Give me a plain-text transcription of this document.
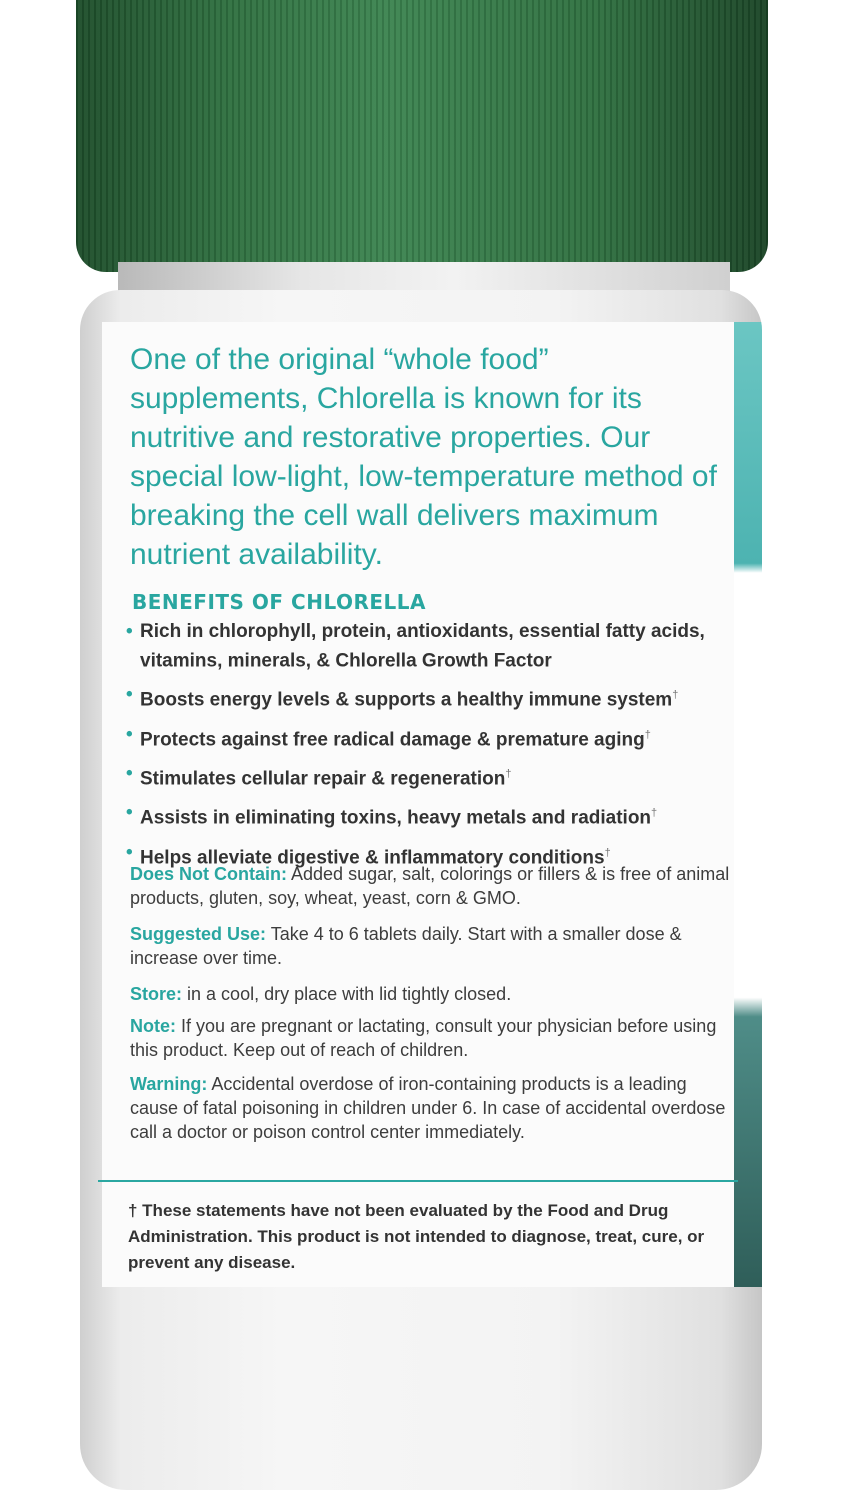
One of the original “whole food” supplements, Chlorella is known for its nutritive and restorative properties. Our special low-light, low-temperature method of breaking the cell wall delivers maximum nutrient availability.
BENEFITS OF CHLORELLA
• Rich in chlorophyll, protein, antioxidants, essential fatty acids, vitamins, minerals, & Chlorella Growth Factor
• Boosts energy levels & supports a healthy immune system†
• Protects against free radical damage & premature aging†
• Stimulates cellular repair & regeneration†
• Assists in eliminating toxins, heavy metals and radiation†
• Helps alleviate digestive & inflammatory conditions†

Does Not Contain: Added sugar, salt, colorings or fillers & is free of animal products, gluten, soy, wheat, yeast, corn & GMO.

Suggested Use: Take 4 to 6 tablets daily. Start with a smaller dose & increase over time.

Store: in a cool, dry place with lid tightly closed.

Note: If you are pregnant or lactating, consult your physician before using this product. Keep out of reach of children.

Warning: Accidental overdose of iron-containing products is a leading cause of fatal poisoning in children under 6. In case of accidental overdose call a doctor or poison control center immediately.

† These statements have not been evaluated by the Food and Drug Administration. This product is not intended to diagnose, treat, cure, or prevent any disease.
